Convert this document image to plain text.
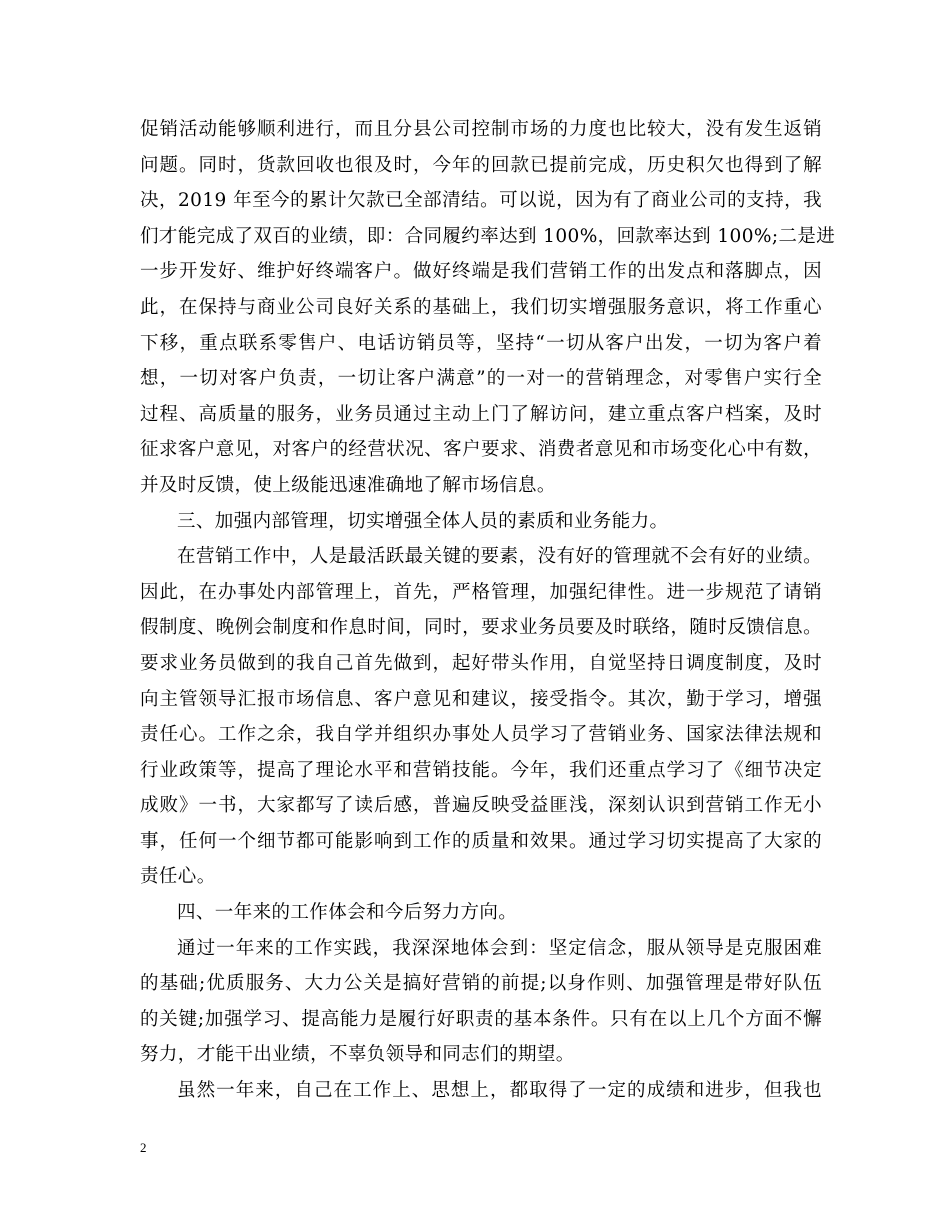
促销活动能够顺利进行，而且分县公司控制市场的力度也比较大，没有发生返销
问题。同时，货款回收也很及时，今年的回款已提前完成，历史积欠也得到了解
决，2019 年至今的累计欠款已全部清结。可以说，因为有了商业公司的支持，我
们才能完成了双百的业绩，即：合同履约率达到 100%，回款率达到 100%;二是进
一步开发好、维护好终端客户。做好终端是我们营销工作的出发点和落脚点，因
此，在保持与商业公司良好关系的基础上，我们切实增强服务意识，将工作重心
下移，重点联系零售户、电话访销员等，坚持“一切从客户出发，一切为客户着
想，一切对客户负责，一切让客户满意”的一对一的营销理念，对零售户实行全
过程、高质量的服务，业务员通过主动上门了解访问，建立重点客户档案，及时
征求客户意见，对客户的经营状况、客户要求、消费者意见和市场变化心中有数，
并及时反馈，使上级能迅速准确地了解市场信息。
三、加强内部管理，切实增强全体人员的素质和业务能力。
在营销工作中，人是最活跃最关键的要素，没有好的管理就不会有好的业绩。
因此，在办事处内部管理上，首先，严格管理，加强纪律性。进一步规范了请销
假制度、晚例会制度和作息时间，同时，要求业务员要及时联络，随时反馈信息。
要求业务员做到的我自己首先做到，起好带头作用，自觉坚持日调度制度，及时
向主管领导汇报市场信息、客户意见和建议，接受指令。其次，勤于学习，增强
责任心。工作之余，我自学并组织办事处人员学习了营销业务、国家法律法规和
行业政策等，提高了理论水平和营销技能。今年，我们还重点学习了《细节决定
成败》一书，大家都写了读后感，普遍反映受益匪浅，深刻认识到营销工作无小
事，任何一个细节都可能影响到工作的质量和效果。通过学习切实提高了大家的
责任心。
四、一年来的工作体会和今后努力方向。
通过一年来的工作实践，我深深地体会到：坚定信念，服从领导是克服困难
的基础;优质服务、大力公关是搞好营销的前提;以身作则、加强管理是带好队伍
的关键;加强学习、提高能力是履行好职责的基本条件。只有在以上几个方面不懈
努力，才能干出业绩，不辜负领导和同志们的期望。
虽然一年来，自己在工作上、思想上，都取得了一定的成绩和进步，但我也
2
